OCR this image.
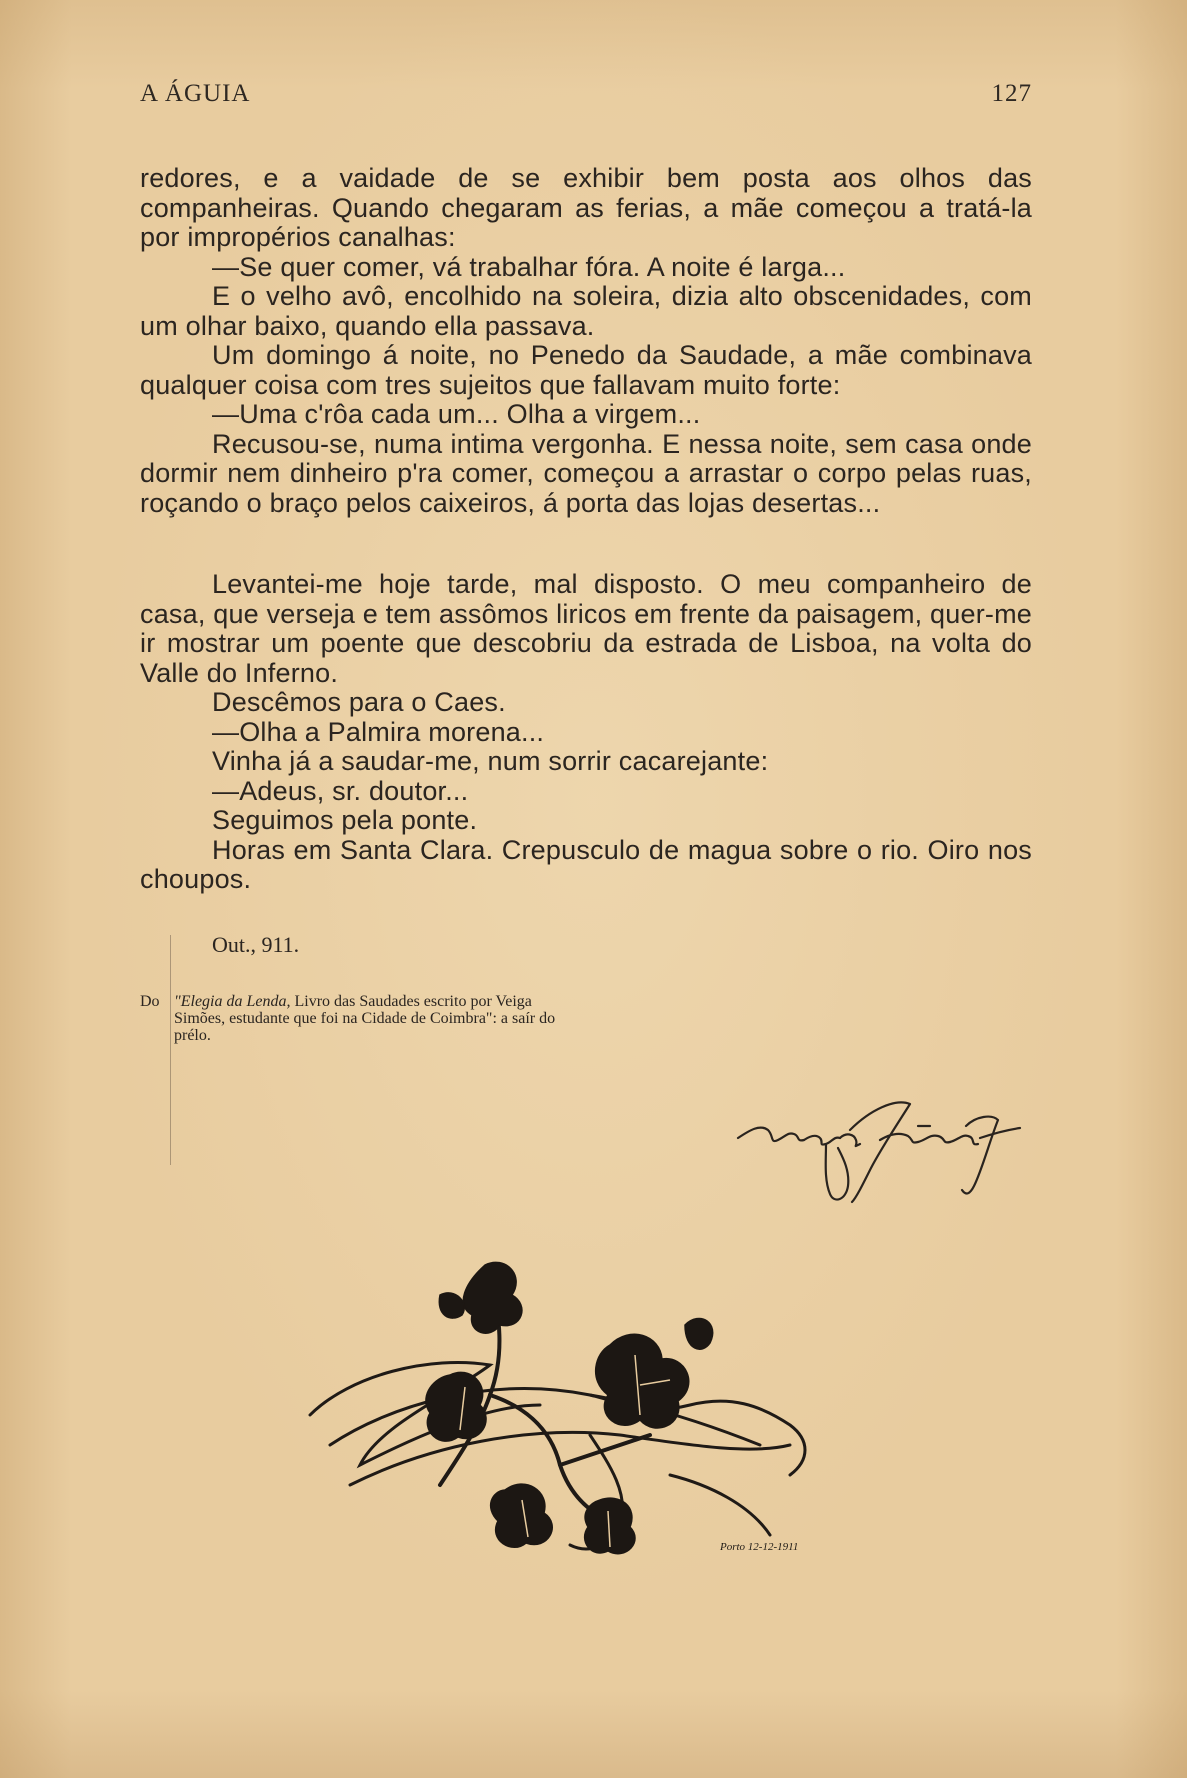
A ÁGUIA	127

redores, e a vaidade de se exhibir bem posta aos olhos das companheiras. Quando chegaram as ferias, a mãe começou a tratá-la por impropérios canalhas:

—Se quer comer, vá trabalhar fóra. A noite é larga...

E o velho avô, encolhido na soleira, dizia alto obscenidades, com um olhar baixo, quando ella passava.

Um domingo á noite, no Penedo da Saudade, a mãe combinava qualquer coisa com tres sujeitos que fallavam muito forte:

—Uma c'rôa cada um... Olha a virgem...

Recusou-se, numa intima vergonha. E nessa noite, sem casa onde dormir nem dinheiro p'ra comer, começou a arrastar o corpo pelas ruas, roçando o braço pelos caixeiros, á porta das lojas desertas...

Levantei-me hoje tarde, mal disposto. O meu companheiro de casa, que verseja e tem assômos liricos em frente da paisagem, quer-me ir mostrar um poente que descobriu da estrada de Lisboa, na volta do Valle do Inferno.

Descêmos para o Caes.

—Olha a Palmira morena...

Vinha já a saudar-me, num sorrir cacarejante:

—Adeus, sr. doutor...

Seguimos pela ponte.

Horas em Santa Clara. Crepusculo de magua sobre o rio. Oiro nos choupos.

Out., 911.
Do "Elegia da Lenda, Livro das Saudades escrito por Veiga Simões, estudante que foi na Cidade de Coimbra": a saír do prélo.
Porto 12-12-1911
